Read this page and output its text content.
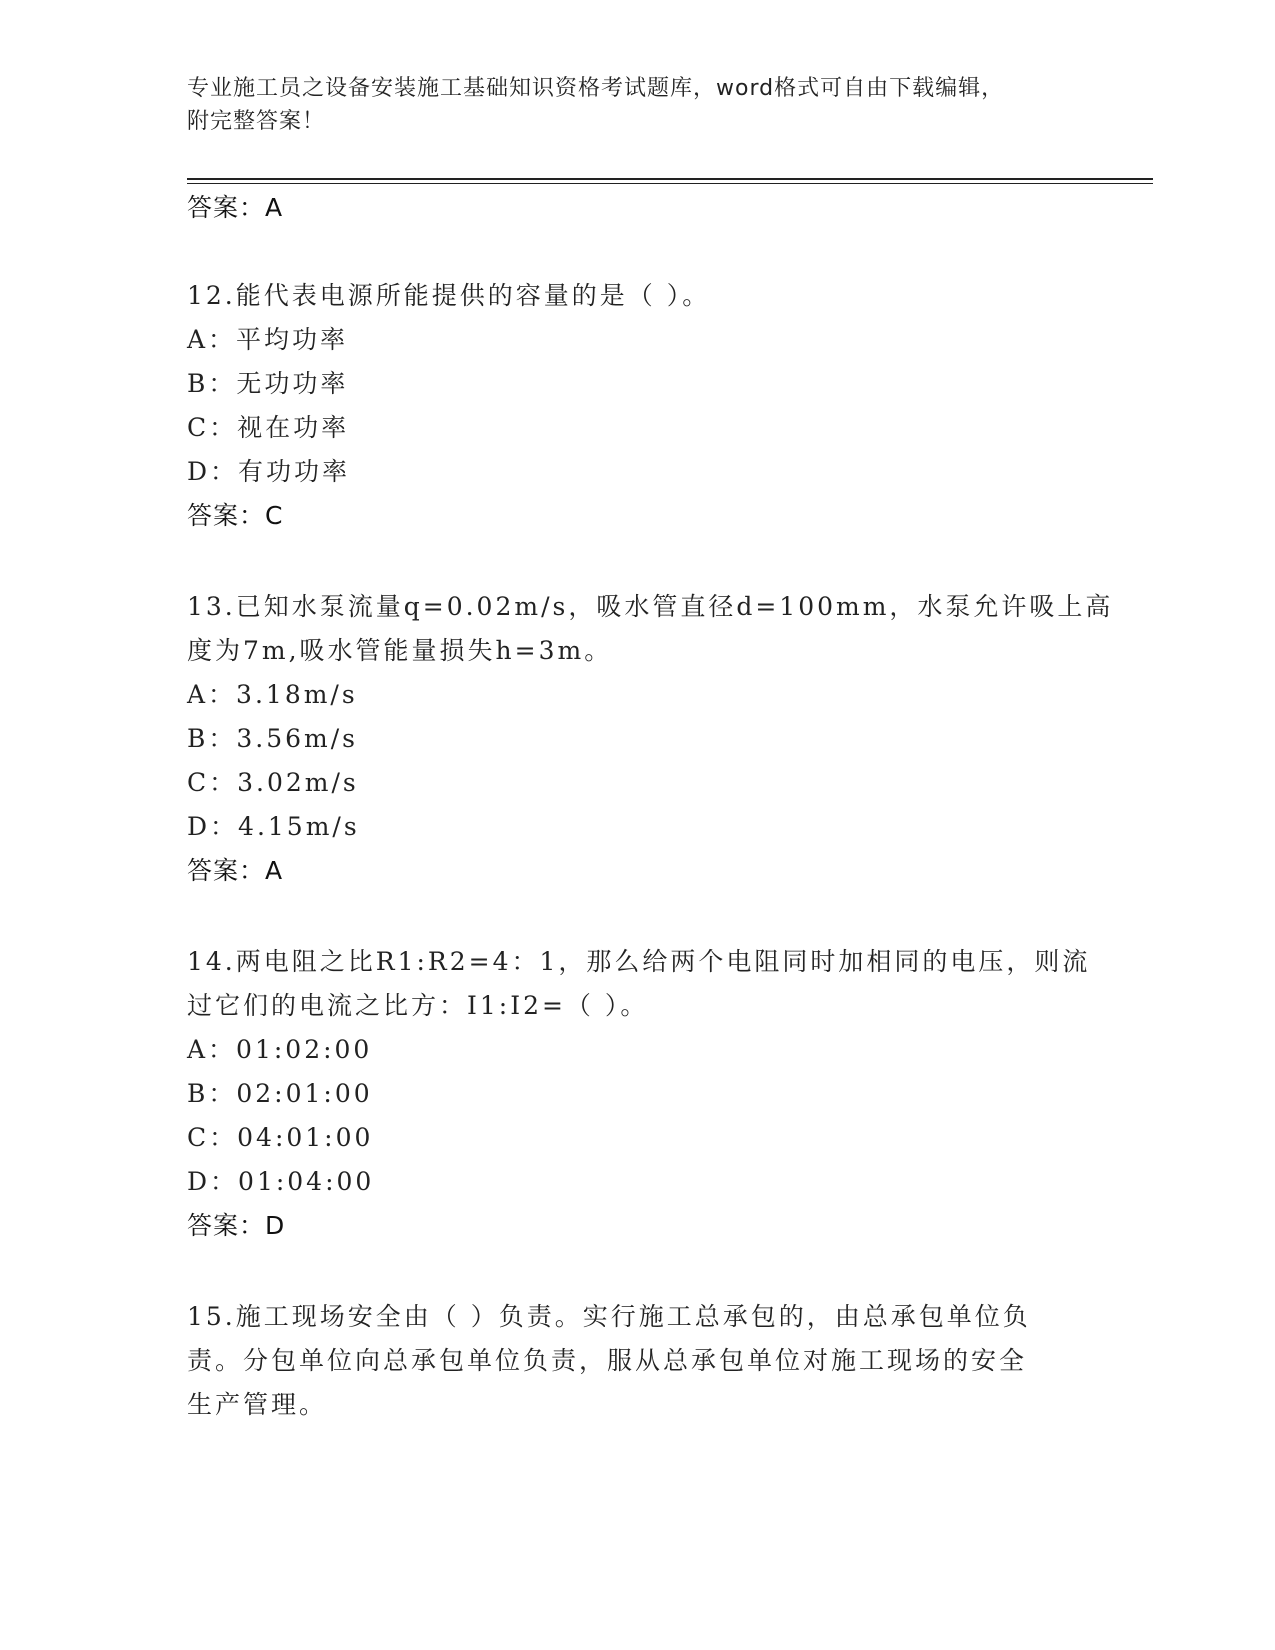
专业施工员之设备安装施工基础知识资格考试题库，word格式可自由下载编辑，
附完整答案！
答案：A
12.能代表电源所能提供的容量的是（ ）。
A：平均功率
B：无功功率
C：视在功率
D：有功功率
答案：C
13.已知水泵流量q=0.02m/s，吸水管直径d=100mm，水泵允许吸上高
度为7m,吸水管能量损失h=3m。
A：3.18m/s
B：3.56m/s
C：3.02m/s
D：4.15m/s
答案：A
14.两电阻之比R1:R2=4：1，那么给两个电阻同时加相同的电压，则流
过它们的电流之比方：I1:I2=（ ）。
A：01:02:00
B：02:01:00
C：04:01:00
D：01:04:00
答案：D
15.施工现场安全由（ ）负责。实行施工总承包的，由总承包单位负
责。分包单位向总承包单位负责，服从总承包单位对施工现场的安全
生产管理。
